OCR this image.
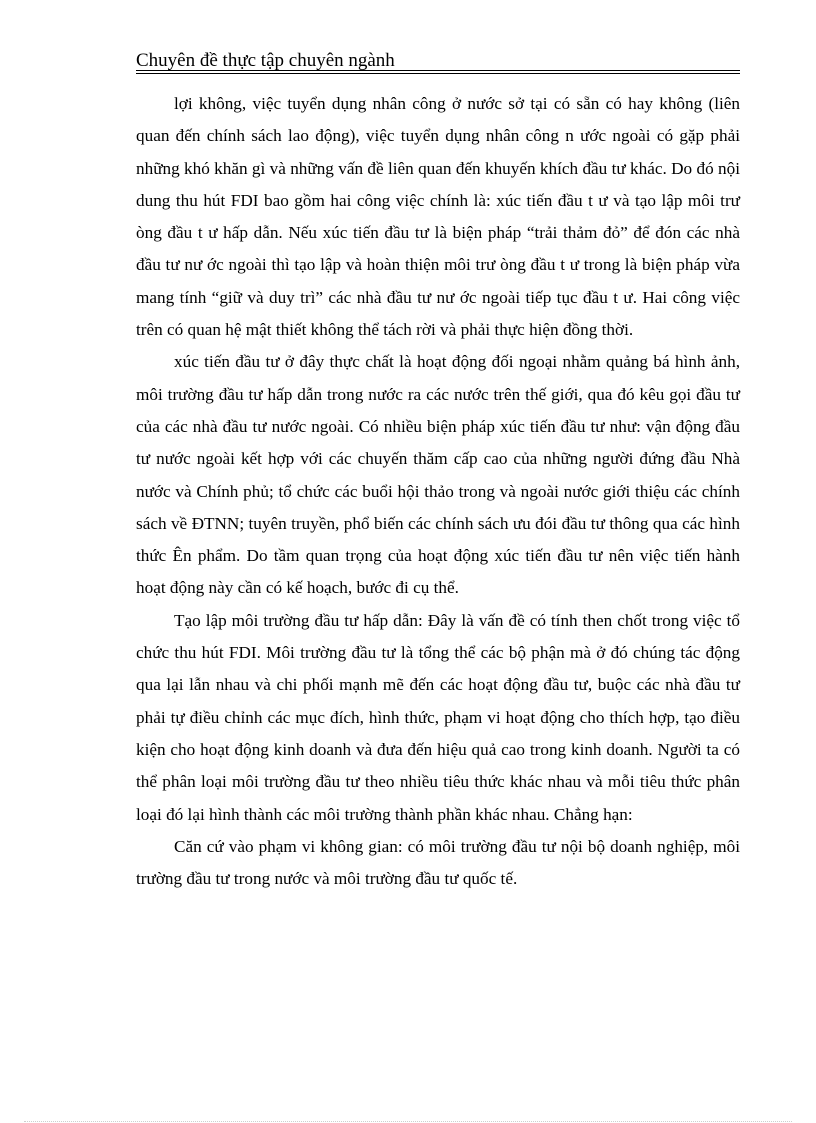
Chuyên đề thực tập chuyên ngành

lợi không, việc tuyển dụng nhân công ở nước sở tại có sẵn có hay không (liên quan đến chính sách lao động), việc tuyển dụng nhân công n ước ngoài có gặp phải những khó khăn gì và những vấn đề liên quan đến khuyến khích đầu tư khác. Do đó nội dung thu hút FDI bao gồm hai công việc chính là: xúc tiến đầu t ư và tạo lập môi trư òng đầu t ư hấp dẫn. Nếu xúc tiến đầu tư là biện pháp “trải thảm đỏ” để đón các nhà đầu tư nư ớc ngoài thì tạo lập và hoàn thiện môi trư òng đầu t ư trong là biện pháp vừa mang tính “giữ và duy trì” các nhà đầu tư nư ớc ngoài tiếp tục đầu t ư. Hai công việc trên có quan hệ mật thiết không thể tách rời và phải thực hiện đồng thời.

xúc tiến đầu tư ở đây thực chất là hoạt động đối ngoại nhằm quảng bá hình ảnh, môi trường đầu tư hấp dẫn trong nước ra các nước trên thế giới, qua đó kêu gọi đầu tư của các nhà đầu tư nước ngoài. Có nhiều biện pháp xúc tiến đầu tư như: vận động đầu tư nước ngoài kết hợp với các chuyến thăm cấp cao của những người đứng đầu Nhà nước và Chính phủ; tổ chức các buổi hội thảo trong và ngoài nước giới thiệu các chính sách về ĐTNN; tuyên truyền, phổ biến các chính sách ưu đói đầu tư thông qua các hình thức Ên phẩm. Do tầm quan trọng của hoạt động xúc tiến đầu tư nên việc tiến hành hoạt động này cần có kế hoạch, bước đi cụ thể.

Tạo lập môi trường đầu tư hấp dẫn: Đây là vấn đề có tính then chốt trong việc tổ chức thu hút FDI. Môi trường đầu tư là tổng thể các bộ phận mà ở đó chúng tác động qua lại lẫn nhau và chi phối mạnh mẽ đến các hoạt động đầu tư, buộc các nhà đầu tư phải tự điều chỉnh các mục đích, hình thức, phạm vi hoạt động cho thích hợp, tạo điều kiện cho hoạt động kinh doanh và đưa đến hiệu quả cao trong kinh doanh. Người ta có thể phân loại môi trường đầu tư theo nhiều tiêu thức khác nhau và mỗi tiêu thức phân loại đó lại hình thành các môi trường thành phần khác nhau. Chẳng hạn:

Căn cứ vào phạm vi không gian: có môi trường đầu tư nội bộ doanh nghiệp, môi trường đầu tư trong nước và môi trường đầu tư quốc tế.
